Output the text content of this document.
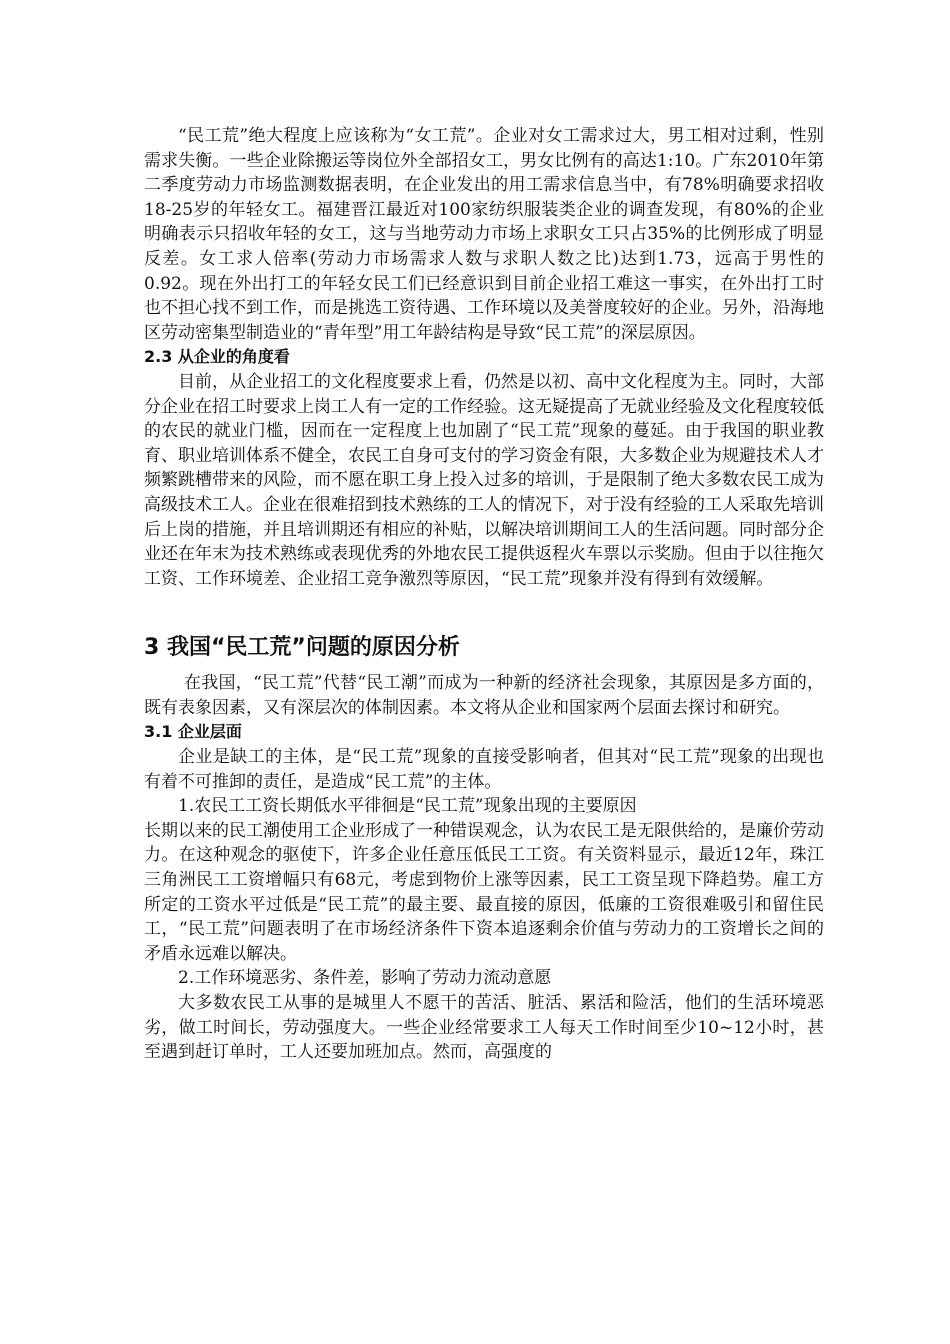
“民工荒”绝大程度上应该称为“女工荒”。企业对女工需求过大，男工相对过剩，性别需求失衡。一些企业除搬运等岗位外全部招女工，男女比例有的高达1:10。广东2010年第二季度劳动力市场监测数据表明，在企业发出的用工需求信息当中，有78%明确要求招收18-25岁的年轻女工。福建晋江最近对100家纺织服装类企业的调查发现，有80%的企业明确表示只招收年轻的女工，这与当地劳动力市场上求职女工只占35%的比例形成了明显反差。女工求人倍率(劳动力市场需求人数与求职人数之比)达到1.73，远高于男性的0.92。现在外出打工的年轻女民工们已经意识到目前企业招工难这一事实，在外出打工时也不担心找不到工作，而是挑选工资待遇、工作环境以及美誉度较好的企业。另外，沿海地区劳动密集型制造业的“青年型”用工年龄结构是导致“民工荒”的深层原因。

2.3 从企业的角度看

目前，从企业招工的文化程度要求上看，仍然是以初、高中文化程度为主。同时，大部分企业在招工时要求上岗工人有一定的工作经验。这无疑提高了无就业经验及文化程度较低的农民的就业门槛，因而在一定程度上也加剧了“民工荒”现象的蔓延。由于我国的职业教育、职业培训体系不健全，农民工自身可支付的学习资金有限，大多数企业为规避技术人才频繁跳槽带来的风险，而不愿在职工身上投入过多的培训，于是限制了绝大多数农民工成为高级技术工人。企业在很难招到技术熟练的工人的情况下，对于没有经验的工人采取先培训后上岗的措施，并且培训期还有相应的补贴，以解决培训期间工人的生活问题。同时部分企业还在年末为技术熟练或表现优秀的外地农民工提供返程火车票以示奖励。但由于以往拖欠工资、工作环境差、企业招工竞争激烈等原因，“民工荒”现象并没有得到有效缓解。

3 我国“民工荒”问题的原因分析

在我国，“民工荒”代替“民工潮”而成为一种新的经济社会现象，其原因是多方面的，既有表象因素，又有深层次的体制因素。本文将从企业和国家两个层面去探讨和研究。

3.1 企业层面

企业是缺工的主体，是“民工荒”现象的直接受影响者，但其对“民工荒”现象的出现也有着不可推卸的责任，是造成“民工荒”的主体。

1.农民工工资长期低水平徘徊是“民工荒”现象出现的主要原因

长期以来的民工潮使用工企业形成了一种错误观念，认为农民工是无限供给的，是廉价劳动力。在这种观念的驱使下，许多企业任意压低民工工资。有关资料显示，最近12年，珠江三角洲民工工资增幅只有68元，考虑到物价上涨等因素，民工工资呈现下降趋势。雇工方所定的工资水平过低是“民工荒”的最主要、最直接的原因，低廉的工资很难吸引和留住民工，“民工荒”问题表明了在市场经济条件下资本追逐剩余价值与劳动力的工资增长之间的矛盾永远难以解决。

2.工作环境恶劣、条件差，影响了劳动力流动意愿

大多数农民工从事的是城里人不愿干的苦活、脏活、累活和险活，他们的生活环境恶劣，做工时间长，劳动强度大。一些企业经常要求工人每天工作时间至少10~12小时，甚至遇到赶订单时，工人还要加班加点。然而，高强度的
